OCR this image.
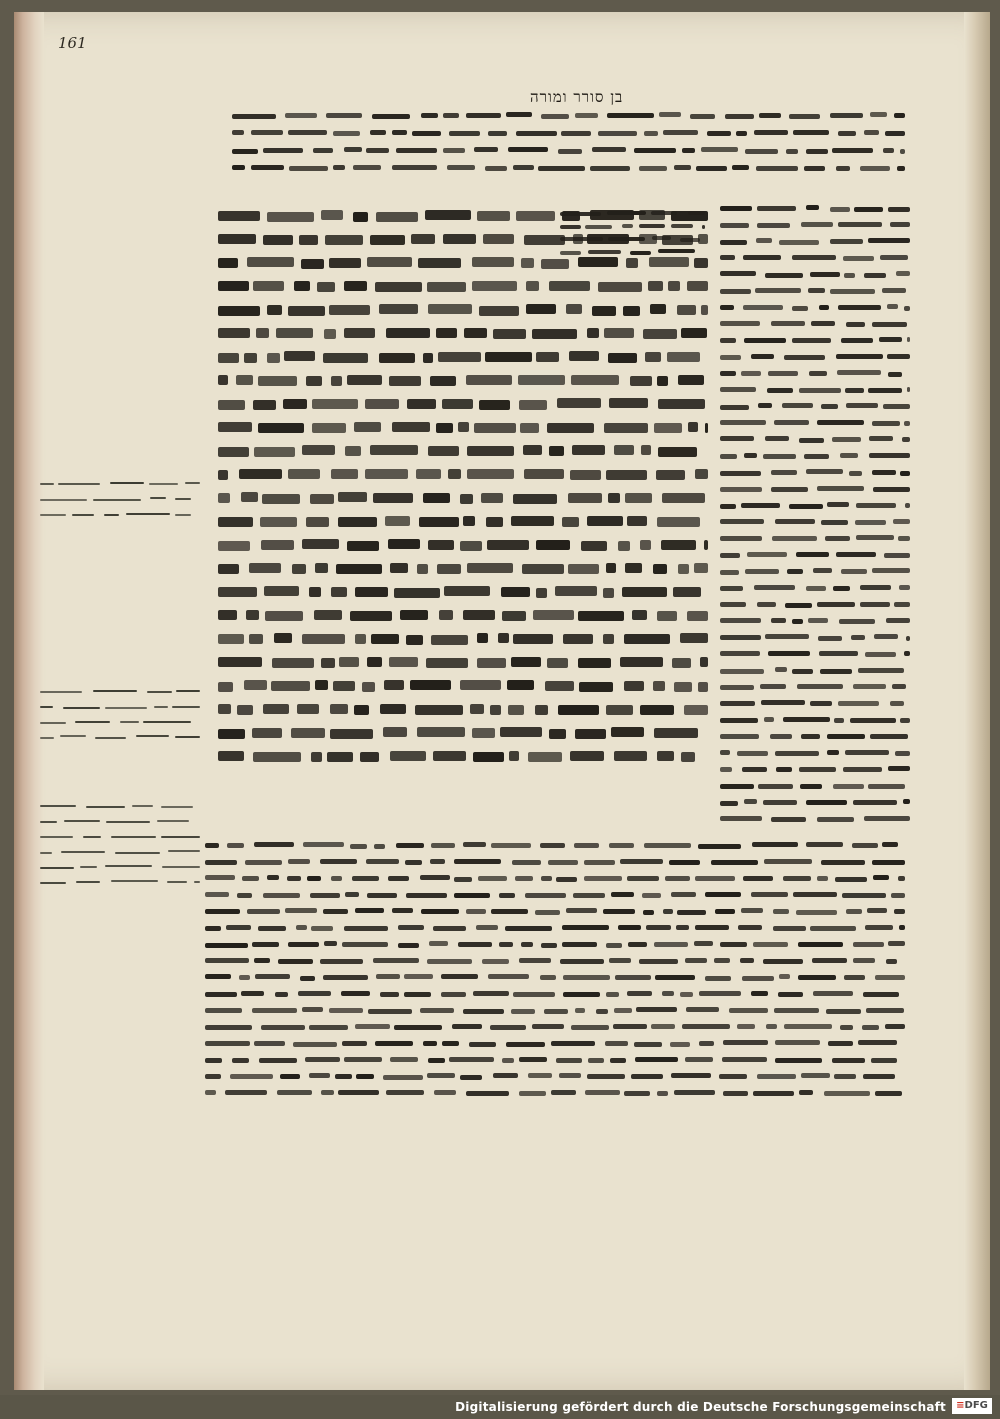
161
בן סורר ומורה
Digitalisierung gefördert durch die Deutsche Forschungsgemeinschaft	≡DFG
